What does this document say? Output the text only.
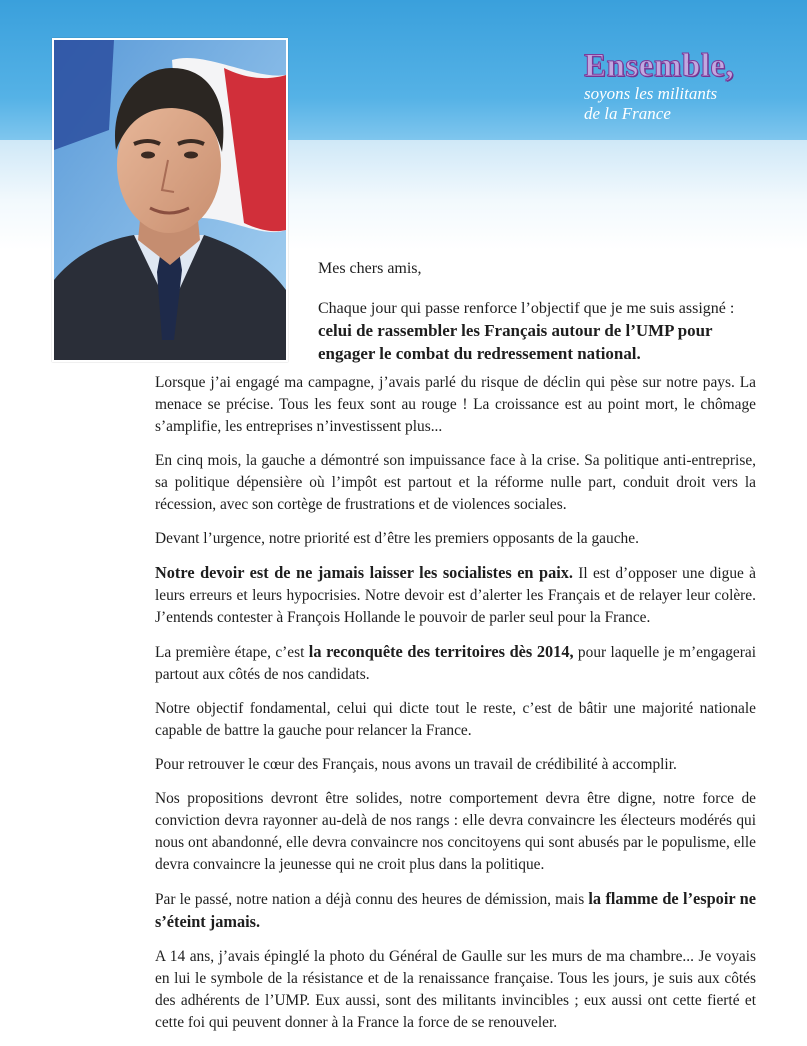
Ensemble,
soyons les militants
de la France
Mes chers amis,
Chaque jour qui passe renforce l’objectif que je me suis assigné : celui de rassembler les Français autour de l’UMP pour engager le combat du redressement national.

Lorsque j’ai engagé ma campagne, j’avais parlé du risque de déclin qui pèse sur notre pays. La menace se précise. Tous les feux sont au rouge ! La croissance est au point mort, le chômage s’amplifie, les entreprises n’investissent plus...

En cinq mois, la gauche a démontré son impuissance face à la crise. Sa politique anti-entreprise, sa politique dépensière où l’impôt est partout et la réforme nulle part, conduit droit vers la récession, avec son cortège de frustrations et de violences sociales.

Devant l’urgence, notre priorité est d’être les premiers opposants de la gauche.

Notre devoir est de ne jamais laisser les socialistes en paix. Il est d’opposer une digue à leurs erreurs et leurs hypocrisies. Notre devoir est d’alerter les Français et de relayer leur colère. J’entends contester à François Hollande le pouvoir de parler seul pour la France.

La première étape, c’est la reconquête des territoires dès 2014, pour laquelle je m’engagerai partout aux côtés de nos candidats.

Notre objectif fondamental, celui qui dicte tout le reste, c’est de bâtir une majorité nationale capable de battre la gauche pour relancer la France.

Pour retrouver le cœur des Français, nous avons un travail de crédibilité à accomplir.

Nos propositions devront être solides, notre comportement devra être digne, notre force de conviction devra rayonner au-delà de nos rangs : elle devra convaincre les électeurs modérés qui nous ont abandonné, elle devra convaincre nos concitoyens qui sont abusés par le populisme, elle devra convaincre la jeunesse qui ne croit plus dans la politique.

Par le passé, notre nation a déjà connu des heures de démission, mais la flamme de l’espoir ne s’éteint jamais.

A 14 ans, j’avais épinglé la photo du Général de Gaulle sur les murs de ma chambre... Je voyais en lui le symbole de la résistance et de la renaissance française. Tous les jours, je suis aux côtés des adhérents de l’UMP. Eux aussi, sont des militants invincibles ; eux aussi ont cette fierté et cette foi qui peuvent donner à la France la force de se renouveler.
